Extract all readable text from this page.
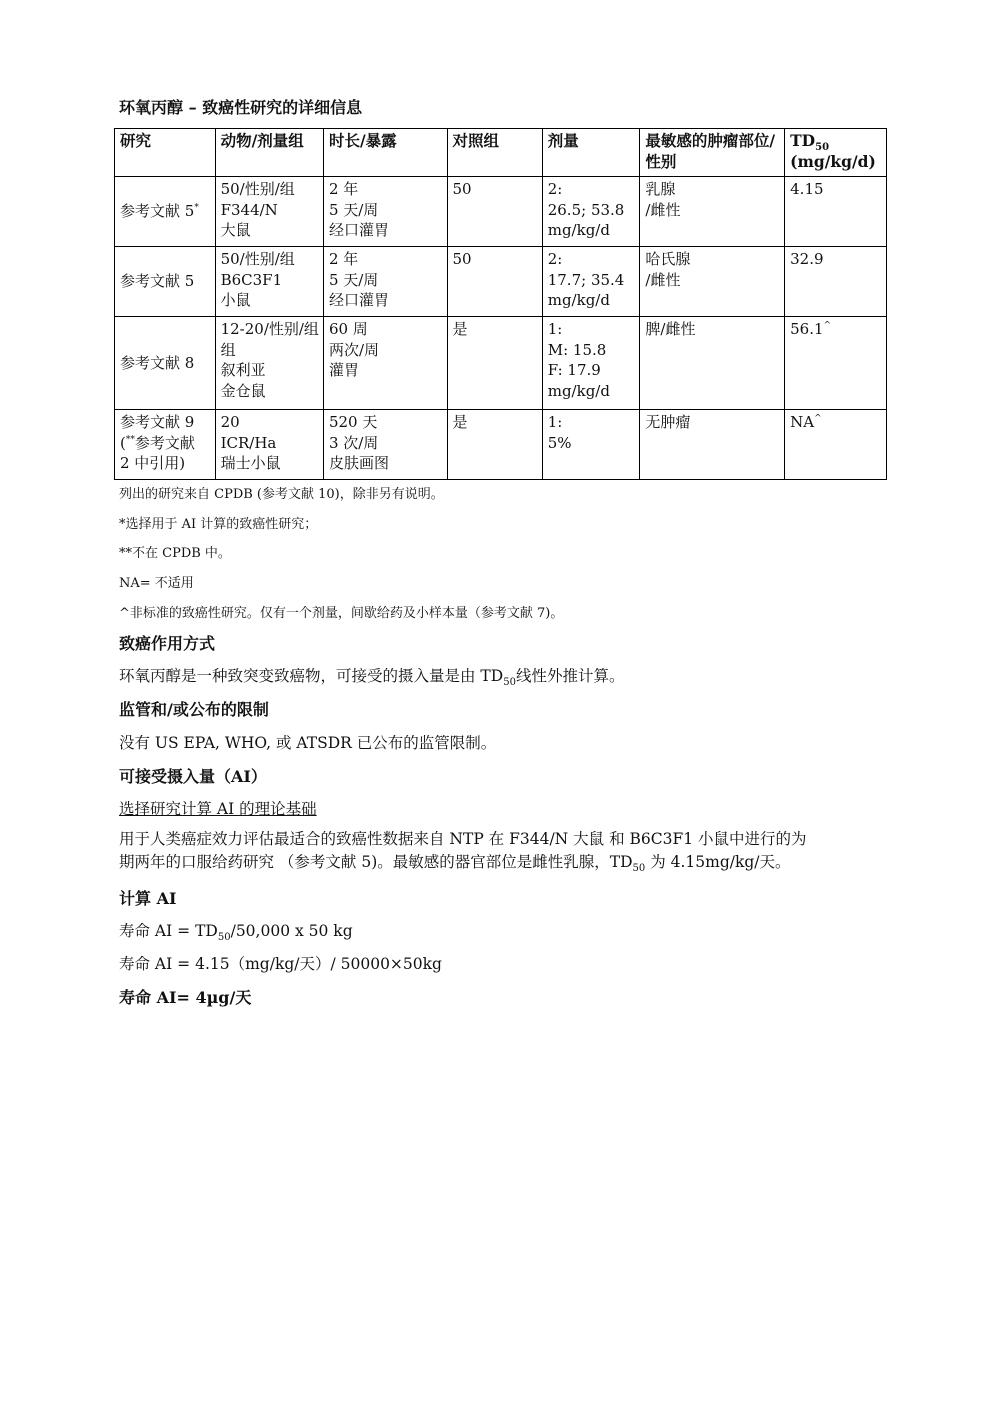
环氧丙醇 – 致癌性研究的详细信息
研究	动物/剂量组	时长/暴露	对照组	剂量	最敏感的肿瘤部位/性别	$TD_{50}$
(mg/kg/d)

参考文献 5*	50/性别/组
F344/N
大鼠	2 年
5 天/周
经口灌胃	50	2:
26.5; 53.8
mg/kg/d	乳腺
/雌性	4.15
参考文献 5	50/性别/组
B6C3F1
小鼠	2 年
5 天/周
经口灌胃	50	2:
17.7; 35.4
mg/kg/d	哈氏腺
/雌性	32.9
参考文献 8	12-20/性别/组
组
叙利亚
金仓鼠	60 周
两次/周
灌胃	是	1:
M: 15.8
F: 17.9
mg/kg/d	脾/雌性	56.1^

参考文献 9
(**参考文献
2 中引用)	20
ICR/Ha
瑞士小鼠	520 天
3 次/周
皮肤画图	是	1:
5%	无肿瘤	NA^
列出的研究来自 CPDB (参考文献 10)，除非另有说明。
*选择用于 AI 计算的致癌性研究；
**不在 CPDB 中。
NA= 不适用
^非标准的致癌性研究。仅有一个剂量，间歇给药及小样本量（参考文献 7)。
致癌作用方式
环氧丙醇是一种致突变致癌物，可接受的摄入量是由 $TD_{50}$线性外推计算。
监管和/或公布的限制
没有 US EPA, WHO, 或 ATSDR 已公布的监管限制。
可接受摄入量（AI）
选择研究计算 AI 的理论基础
用于人类癌症效力评估最适合的致癌性数据来自 NTP 在 F344/N 大鼠 和 B6C3F1 小鼠中进行的为
期两年的口服给药研究 （参考文献 5)。最敏感的器官部位是雌性乳腺，$TD_{50}$ 为 4.15mg/kg/天。
计算 AI
寿命 AI = $TD_{50}/50,000$ x 50 kg
寿命 AI = 4.15（mg/kg/天）/ 50000×50kg
寿命 AI= 4µg/天
